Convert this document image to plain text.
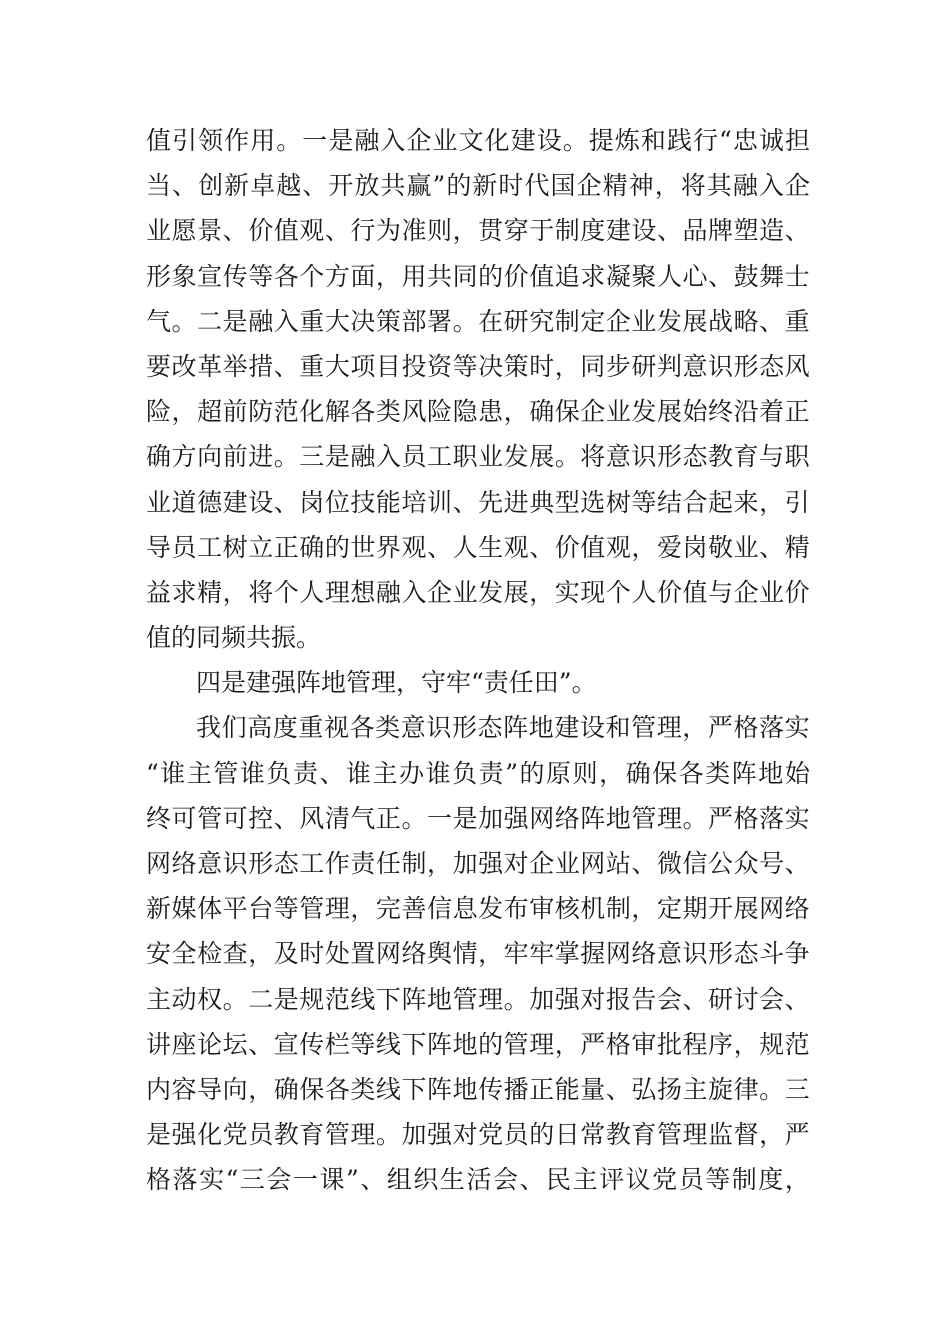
值 引 领 作 用 。 一 是 融 入 企 业 文 化 建 设 。 提 炼 和 践 行 “ 忠 诚 担
当 、 创 新 卓 越 、 开 放 共 赢 ” 的 新 时 代 国 企 精 神 ， 将 其 融 入 企
业 愿 景 、 价 值 观 、 行 为 准 则 ， 贯 穿 于 制 度 建 设 、 品 牌 塑 造 、
形 象 宣 传 等 各 个 方 面 ， 用 共 同 的 价 值 追 求 凝 聚 人 心 、 鼓 舞 士
气 。 二 是 融 入 重 大 决 策 部 署 。 在 研 究 制 定 企 业 发 展 战 略 、 重
要 改 革 举 措 、 重 大 项 目 投 资 等 决 策 时 ， 同 步 研 判 意 识 形 态 风
险 ， 超 前 防 范 化 解 各 类 风 险 隐 患 ， 确 保 企 业 发 展 始 终 沿 着 正
确 方 向 前 进 。 三 是 融 入 员 工 职 业 发 展 。 将 意 识 形 态 教 育 与 职
业 道 德 建 设 、 岗 位 技 能 培 训 、 先 进 典 型 选 树 等 结 合 起 来 ， 引
导 员 工 树 立 正 确 的 世 界 观 、 人 生 观 、 价 值 观 ， 爱 岗 敬 业 、 精
益 求 精 ， 将 个 人 理 想 融 入 企 业 发 展 ， 实 现 个 人 价 值 与 企 业 价
值的同频共振。
四是建强阵地管理，守牢“责任田”。
我 们 高 度 重 视 各 类 意 识 形 态 阵 地 建 设 和 管 理 ， 严 格 落 实
“ 谁 主 管 谁 负 责 、 谁 主 办 谁 负 责 ” 的 原 则 ， 确 保 各 类 阵 地 始
终 可 管 可 控 、 风 清 气 正 。 一 是 加 强 网 络 阵 地 管 理 。 严 格 落 实
网 络 意 识 形 态 工 作 责 任 制 ， 加 强 对 企 业 网 站 、 微 信 公 众 号 、
新 媒 体 平 台 等 管 理 ， 完 善 信 息 发 布 审 核 机 制 ， 定 期 开 展 网 络
安 全 检 查 ， 及 时 处 置 网 络 舆 情 ， 牢 牢 掌 握 网 络 意 识 形 态 斗 争
主 动 权 。 二 是 规 范 线 下 阵 地 管 理 。 加 强 对 报 告 会 、 研 讨 会 、
讲 座 论 坛 、 宣 传 栏 等 线 下 阵 地 的 管 理 ， 严 格 审 批 程 序 ， 规 范
内 容 导 向 ， 确 保 各 类 线 下 阵 地 传 播 正 能 量 、 弘 扬 主 旋 律 。 三
是 强 化 党 员 教 育 管 理 。 加 强 对 党 员 的 日 常 教 育 管 理 监 督 ， 严
格 落 实 “ 三 会 一 课 ” 、 组 织 生 活 会 、 民 主 评 议 党 员 等 制 度 ，
